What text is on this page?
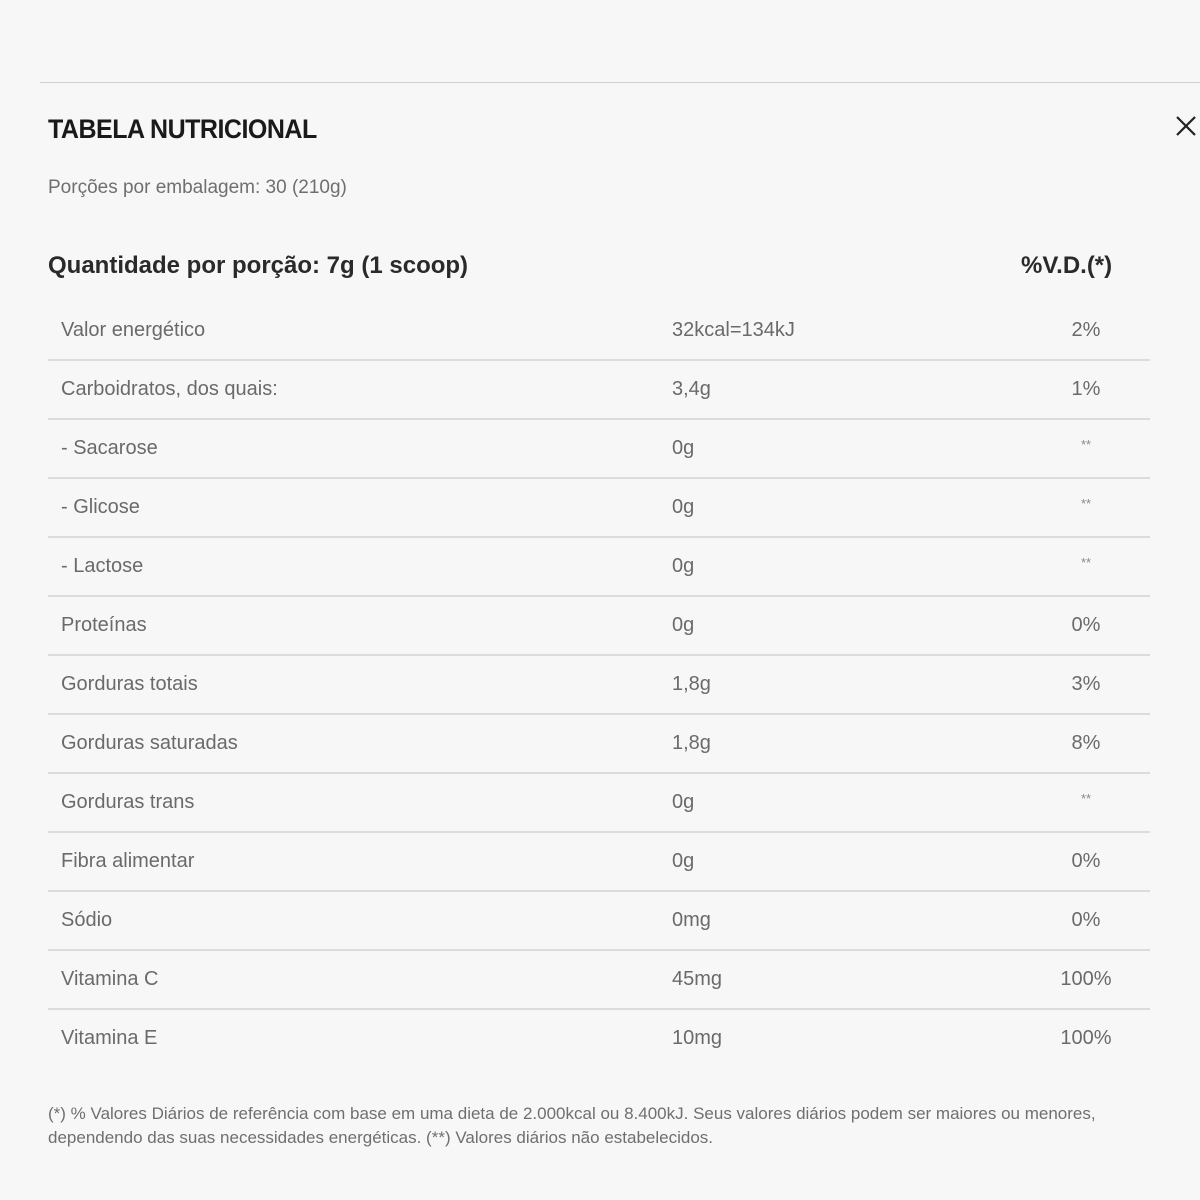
TABELA NUTRICIONAL
Porções por embalagem: 30 (210g)
Quantidade por porção: 7g (1 scoop)	%V.D.(*)
Valor energético	32kcal=134kJ	2%
Carboidratos, dos quais:	3,4g	1%
- Sacarose	0g	**
- Glicose	0g	**
- Lactose	0g	**
Proteínas	0g	0%
Gorduras totais	1,8g	3%
Gorduras saturadas	1,8g	8%
Gorduras trans	0g	**
Fibra alimentar	0g	0%
Sódio	0mg	0%
Vitamina C	45mg	100%
Vitamina E	10mg	100%
(*) % Valores Diários de referência com base em uma dieta de 2.000kcal ou 8.400kJ. Seus valores diários podem ser maiores ou menores, dependendo das suas necessidades energéticas. (**) Valores diários não estabelecidos.
